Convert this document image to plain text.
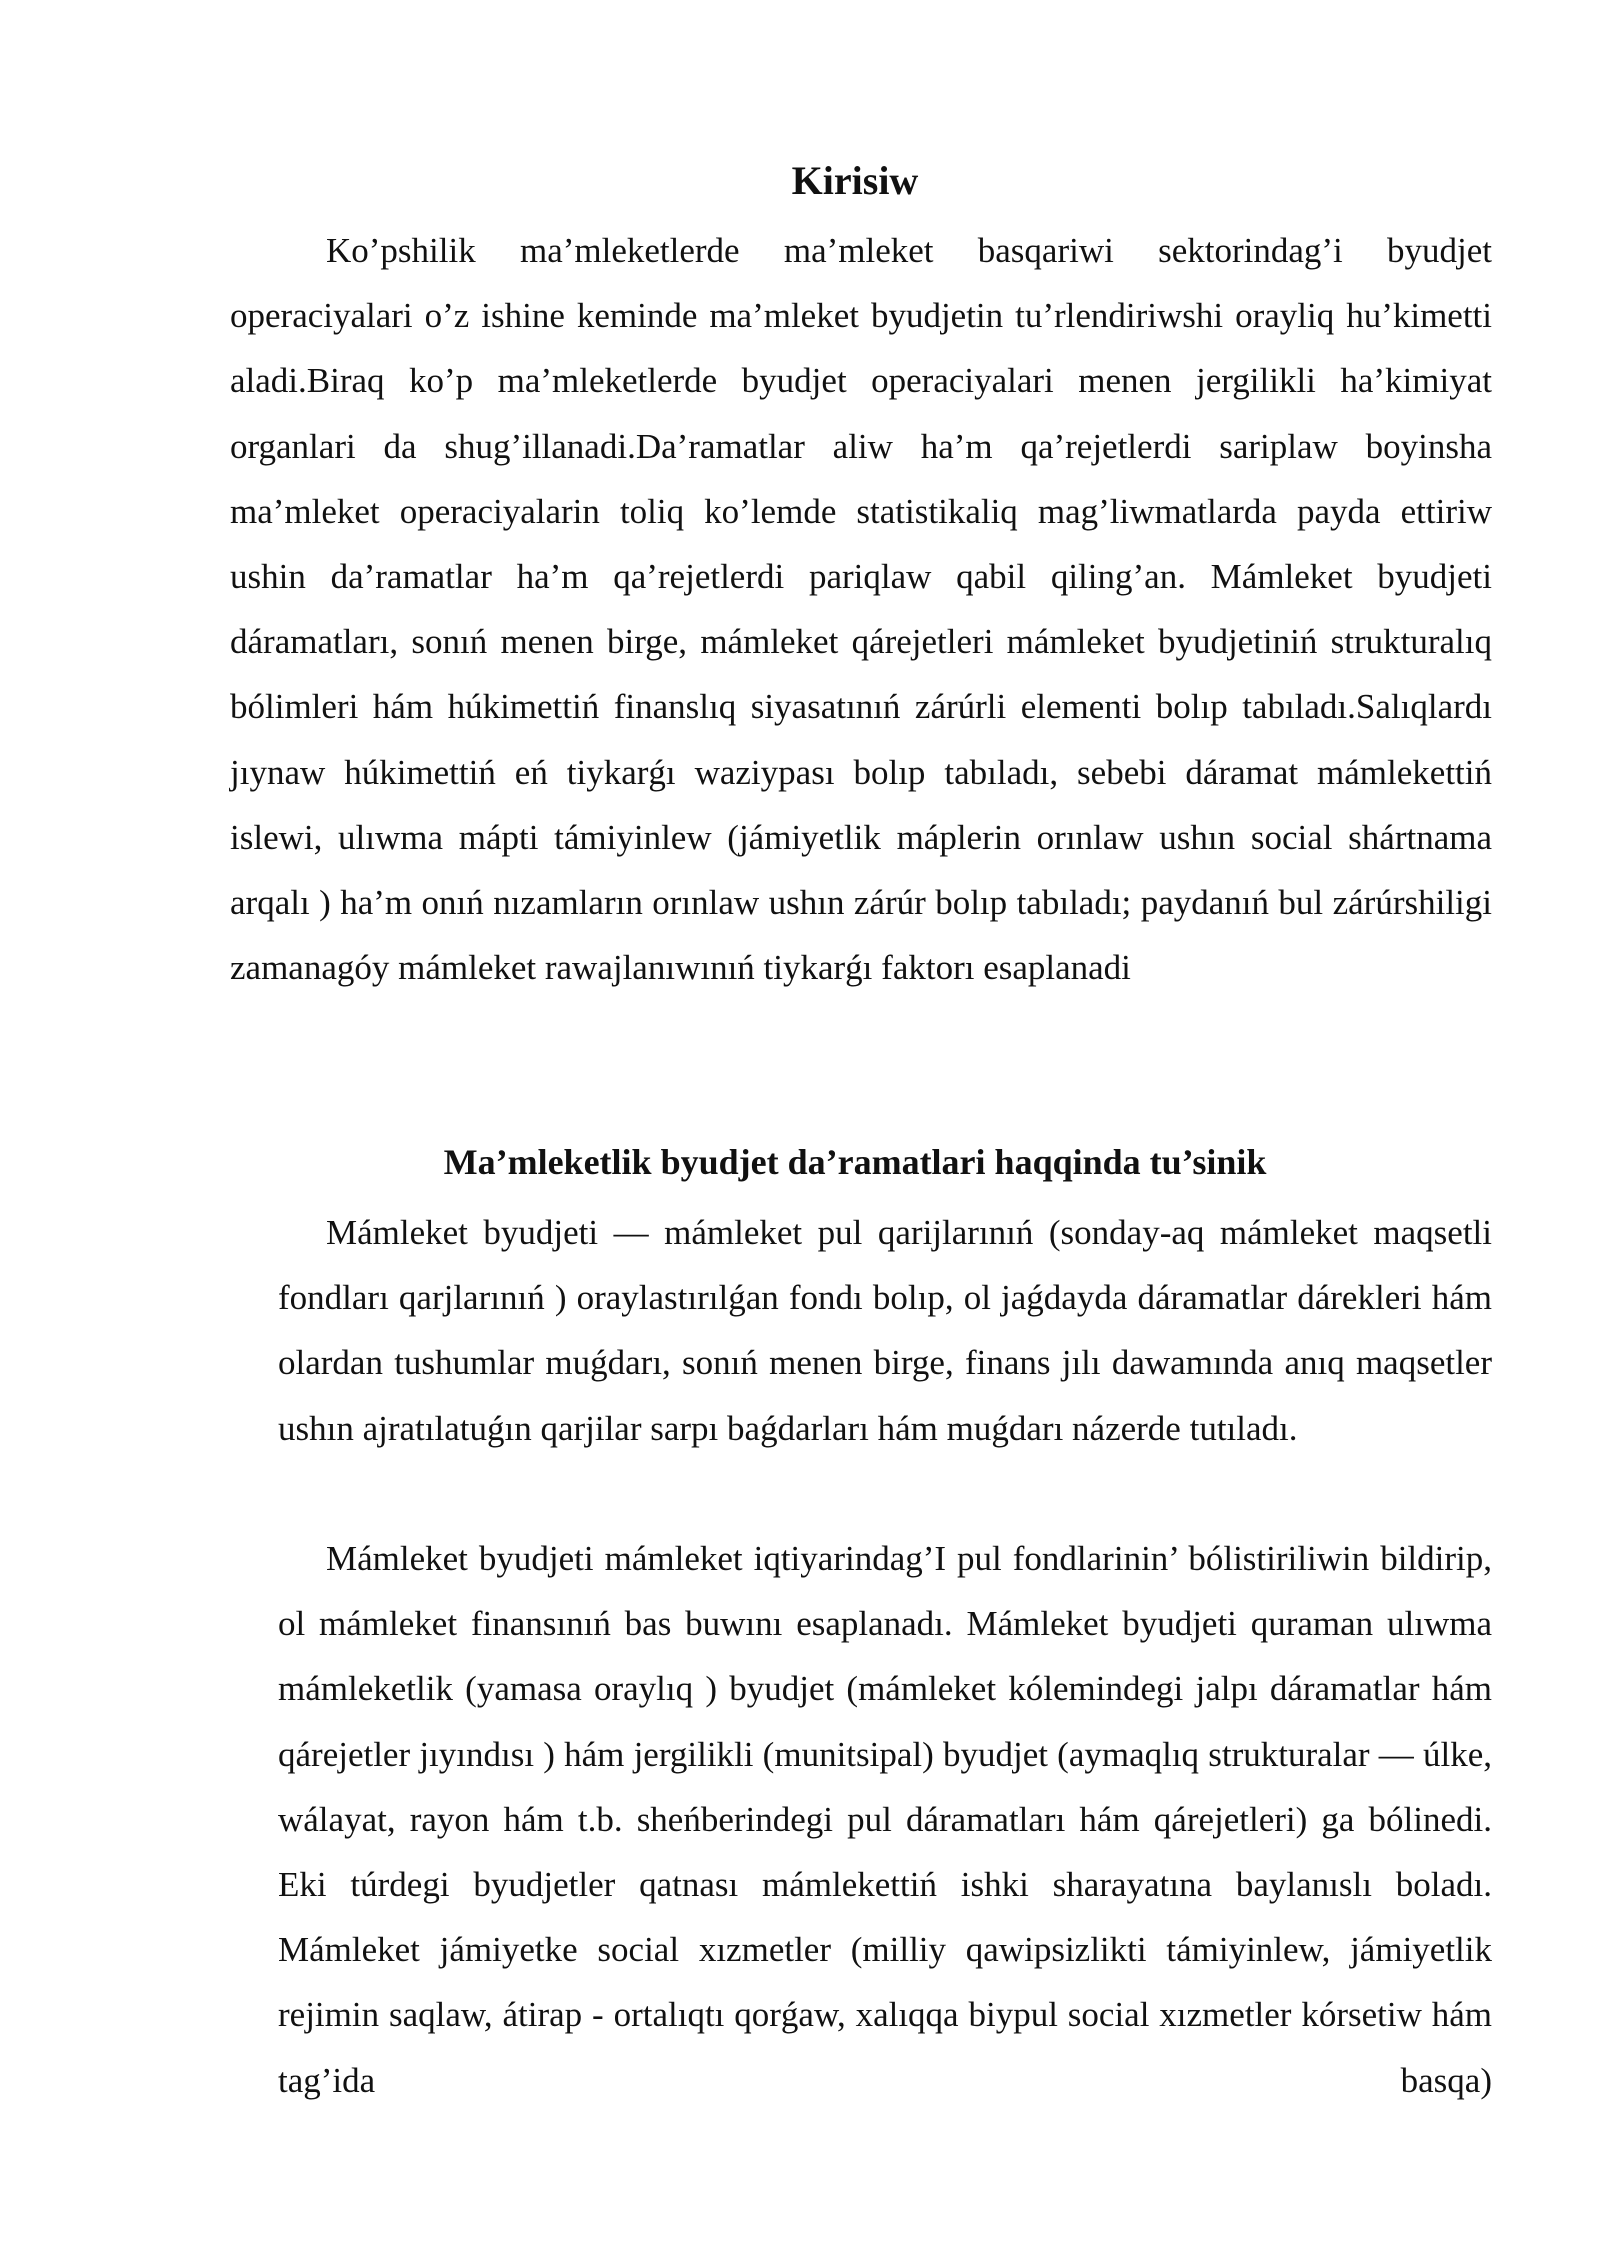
Kirisiw

Ko’pshilik ma’mleketlerde ma’mleket basqariwi sektorindag’i byudjet operaciyalari o’z ishine keminde ma’mleket byudjetin tu’rlendiriwshi orayliq hu’kimetti aladi.Biraq ko’p ma’mleketlerde byudjet operaciyalari menen jergilikli ha’kimiyat organlari da shug’illanadi.Da’ramatlar aliw ha’m qa’rejetlerdi sariplaw boyinsha ma’mleket operaciyalarin toliq ko’lemde statistikaliq mag’liwmatlarda payda ettiriw ushin da’ramatlar ha’m qa’rejetlerdi pariqlaw qabil qiling’an. Mámleket byudjeti dáramatları, sonıń menen birge, mámleket qárejetleri mámleket byudjetiniń strukturalıq bólimleri hám húkimettiń finanslıq siyasatınıń zárúrli elementi bolıp tabıladı.Salıqlardı jıynaw húkimettiń eń tiykarǵı waziypası bolıp tabıladı, sebebi dáramat mámlekettiń islewi, ulıwma mápti támiyinlew (jámiyetlik máplerin orınlaw ushın social shártnama arqalı ) ha’m onıń nızamların orınlaw ushın zárúr bolıp tabıladı; paydanıń bul zárúrshiligi zamanagóy mámleket rawajlanıwınıń tiykarǵı faktorı esaplanadi

Ma’mleketlik byudjet da’ramatlari haqqinda tu’sinik

Mámleket byudjeti — mámleket pul qarijlarınıń (sonday-aq mámleket maqsetli fondları qarjlarınıń ) oraylastırılǵan fondı bolıp, ol jaǵdayda dáramatlar dárekleri hám olardan tushumlar muǵdarı, sonıń menen birge, finans jılı dawamında anıq maqsetler ushın ajratılatuǵın qarjilar sarpı baǵdarları hám muǵdarı názerde tutıladı.

Mámleket byudjeti mámleket iqtiyarindag’I pul fondlarinin’ bólistiriliwin bildirip, ol mámleket finansınıń bas buwını esaplanadı. Mámleket byudjeti quraman ulıwma mámleketlik (yamasa oraylıq ) byudjet (mámleket kólemindegi jalpı dáramatlar hám qárejetler jıyındısı ) hám jergilikli (munitsipal) byudjet (aymaqlıq strukturalar — úlke, wálayat, rayon hám t.b. sheńberindegi pul dáramatları hám qárejetleri) ga bólinedi. Eki túrdegi byudjetler qatnası mámlekettiń ishki sharayatına baylanıslı boladı. Mámleket jámiyetke social xızmetler (milliy qawipsizlikti támiyinlew, jámiyetlik rejimin saqlaw, átirap - ortalıqtı qorǵaw, xalıqqa biypul social xızmetler kórsetiw hám tag’ida basqa)
